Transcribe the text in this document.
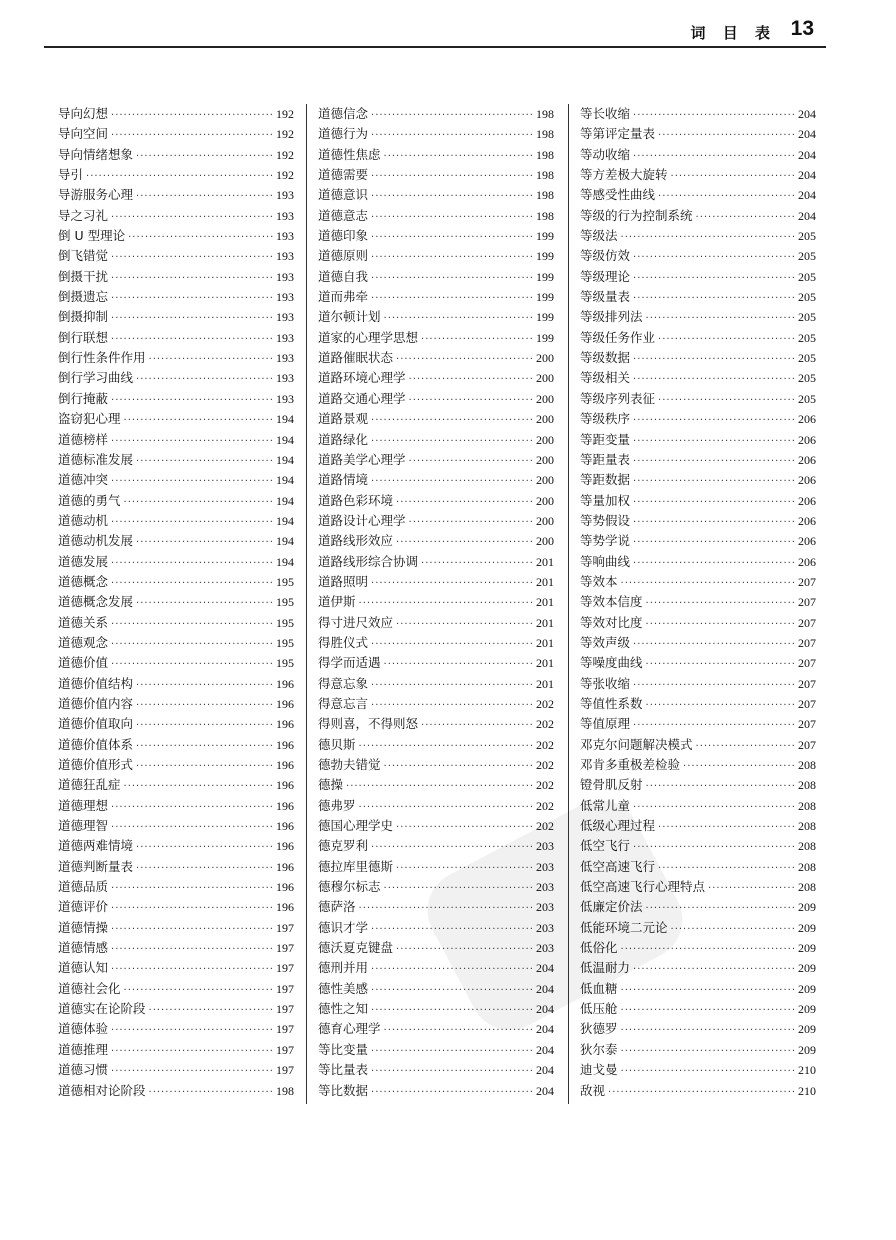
词 目 表 13
导向幻想 ·····	192
导向空间 ·····	192
导向情绪想象 ·····	192
导引 ·····	192
导游服务心理 ·····	193
导之习礼 ·····	193
倒 U 型理论 ·····	193
倒飞错觉 ·····	193
倒摄干扰 ·····	193
倒摄遗忘 ·····	193
倒摄抑制 ·····	193
倒行联想 ·····	193
倒行性条件作用 ·····	193
倒行学习曲线 ·····	193
倒行掩蔽 ·····	193
盗窃犯心理 ·····	194
道德榜样 ·····	194
道德标准发展 ·····	194
道德冲突 ·····	194
道德的勇气 ·····	194
道德动机 ·····	194
道德动机发展 ·····	194
道德发展 ·····	194
道德概念 ·····	195
道德概念发展 ·····	195
道德关系 ·····	195
道德观念 ·····	195
道德价值 ·····	195
道德价值结构 ·····	196
道德价值内容 ·····	196
道德价值取向 ·····	196
道德价值体系 ·····	196
道德价值形式 ·····	196
道德狂乱症 ·····	196
道德理想 ·····	196
道德理智 ·····	196
道德两难情境 ·····	196
道德判断量表 ·····	196
道德品质 ·····	196
道德评价 ·····	196
道德情操 ·····	197
道德情感 ·····	197
道德认知 ·····	197
道德社会化 ·····	197
道德实在论阶段 ·····	197
道德体验 ·····	197
道德推理 ·····	197
道德习惯 ·····	197
道德相对论阶段 ·····	198
道德信念 ·····	198
道德行为 ·····	198
道德性焦虑 ·····	198
道德需要 ·····	198
道德意识 ·····	198
道德意志 ·····	198
道德印象 ·····	199
道德原则 ·····	199
道德自我 ·····	199
道而弗牵 ·····	199
道尔顿计划 ·····	199
道家的心理学思想 ·····	199
道路催眠状态 ·····	200
道路环境心理学 ·····	200
道路交通心理学 ·····	200
道路景观 ·····	200
道路绿化 ·····	200
道路美学心理学 ·····	200
道路情境 ·····	200
道路色彩环境 ·····	200
道路设计心理学 ·····	200
道路线形效应 ·····	200
道路线形综合协调 ·····	201
道路照明 ·····	201
道伊斯 ·····	201
得寸进尺效应 ·····	201
得胜仪式 ·····	201
得学而适遇 ·····	201
得意忘象 ·····	201
得意忘言 ·····	202
得则喜，不得则怒 ·····	202
德贝斯 ·····	202
德勃夫错觉 ·····	202
德操 ·····	202
德弗罗 ·····	202
德国心理学史 ·····	202
德克罗利 ·····	203
德拉库里德斯 ·····	203
德穆尔标志 ·····	203
德萨洛 ·····	203
德识才学 ·····	203
德沃夏克键盘 ·····	203
德刑并用 ·····	204
德性美感 ·····	204
德性之知 ·····	204
德育心理学 ·····	204
等比变量 ·····	204
等比量表 ·····	204
等比数据 ·····	204
等长收缩 ·····	204
等第评定量表 ·····	204
等动收缩 ·····	204
等方差极大旋转 ·····	204
等感受性曲线 ·····	204
等级的行为控制系统 ·····	204
等级法 ·····	205
等级仿效 ·····	205
等级理论 ·····	205
等级量表 ·····	205
等级排列法 ·····	205
等级任务作业 ·····	205
等级数据 ·····	205
等级相关 ·····	205
等级序列表征 ·····	205
等级秩序 ·····	206
等距变量 ·····	206
等距量表 ·····	206
等距数据 ·····	206
等量加权 ·····	206
等势假设 ·····	206
等势学说 ·····	206
等响曲线 ·····	206
等效本 ·····	207
等效本信度 ·····	207
等效对比度 ·····	207
等效声级 ·····	207
等噪度曲线 ·····	207
等张收缩 ·····	207
等值性系数 ·····	207
等值原理 ·····	207
邓克尔问题解决模式 ·····	207
邓肯多重极差检验 ·····	208
镫骨肌反射 ·····	208
低常儿童 ·····	208
低级心理过程 ·····	208
低空飞行 ·····	208
低空高速飞行 ·····	208
低空高速飞行心理特点 ·····	208
低廉定价法 ·····	209
低能环境二元论 ·····	209
低俗化 ·····	209
低温耐力 ·····	209
低血糖 ·····	209
低压舱 ·····	209
狄德罗 ·····	209
狄尔泰 ·····	209
迪戈曼 ·····	210
敌视 ·····	210
